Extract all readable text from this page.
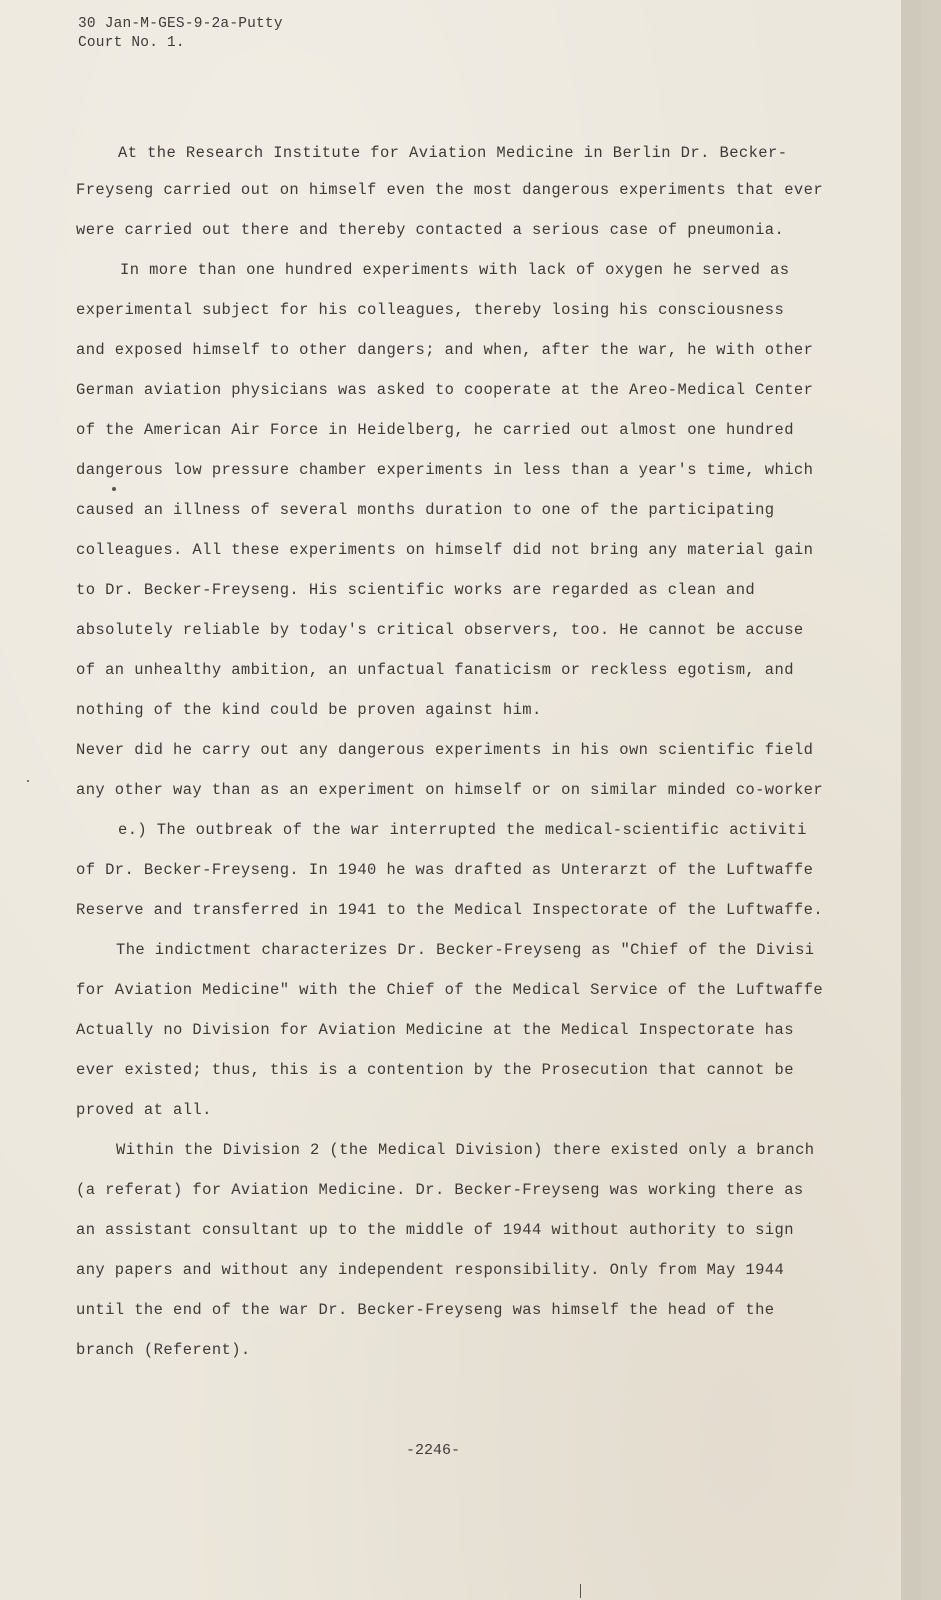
30 Jan-M-GES-9-2a-Putty
Court No. 1.
At the Research Institute for Aviation Medicine in Berlin Dr. Becker-
Freyseng carried out on himself even the most dangerous experiments that ever
were carried out there and thereby contacted a serious case of pneumonia.
In more than one hundred experiments with lack of oxygen he served as
experimental subject for his colleagues, thereby losing his consciousness
and exposed himself to other dangers; and when, after the war, he with other
German aviation physicians was asked to cooperate at the Areo-Medical Center
of the American Air Force in Heidelberg, he carried out almost one hundred
dangerous low pressure chamber experiments in less than a year's time, which
caused an illness of several months duration to one of the participating
colleagues. All these experiments on himself did not bring any material gain
to Dr. Becker-Freyseng. His scientific works are regarded as clean and
absolutely reliable by today's critical observers, too. He cannot be accuse
of an unhealthy ambition, an unfactual fanaticism or reckless egotism, and
nothing of the kind could be proven against him.
Never did he carry out any dangerous experiments in his own scientific field
any other way than as an experiment on himself or on similar minded co-worker
e.) The outbreak of the war interrupted the medical-scientific activiti
of Dr. Becker-Freyseng. In 1940 he was drafted as Unterarzt of the Luftwaffe
Reserve and transferred in 1941 to the Medical Inspectorate of the Luftwaffe.
The indictment characterizes Dr. Becker-Freyseng as "Chief of the Divisi
for Aviation Medicine" with the Chief of the Medical Service of the Luftwaffe
Actually no Division for Aviation Medicine at the Medical Inspectorate has
ever existed; thus, this is a contention by the Prosecution that cannot be
proved at all.
Within the Division 2 (the Medical Division) there existed only a branch
(a referat) for Aviation Medicine. Dr. Becker-Freyseng was working there as
an assistant consultant up to the middle of 1944 without authority to sign
any papers and without any independent responsibility. Only from May 1944
until the end of the war Dr. Becker-Freyseng was himself the head of the
branch (Referent).
-2246-
